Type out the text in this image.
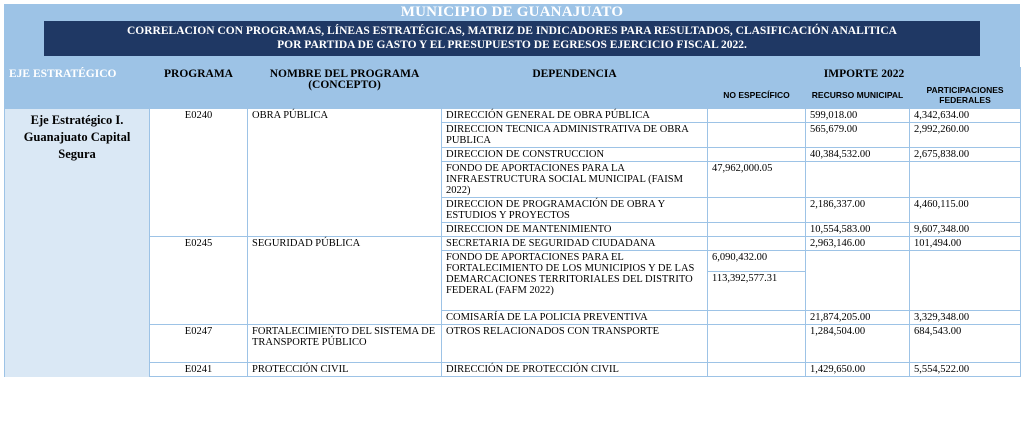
MUNICIPIO DE GUANAJUATO
CORRELACION CON PROGRAMAS, LÍNEAS ESTRATÉGICAS, MATRIZ DE INDICADORES PARA RESULTADOS, CLASIFICACIÓN ANALITICA
POR PARTIDA DE GASTO Y EL PRESUPUESTO DE EGRESOS EJERCICIO FISCAL 2022.
EJE ESTRATÉGICO	PROGRAMA	NOMBRE DEL PROGRAMA
(CONCEPTO)	DEPENDENCIA	IMPORTE 2022		
				NO ESPECÍFICO	RECURSO MUNICIPAL	PARTICIPACIONES FEDERALES

Eje Estratégico I.
Guanajuato Capital
Segura	E0240	OBRA PÚBLICA	DIRECCIÓN GENERAL DE OBRA PÚBLICA		599,018.00	4,342,634.00
			DIRECCION TECNICA ADMINISTRATIVA DE OBRA PUBLICA		565,679.00	2,992,260.00
			DIRECCION DE CONSTRUCCION		40,384,532.00	2,675,838.00
			FONDO DE APORTACIONES PARA LA INFRAESTRUCTURA SOCIAL MUNICIPAL (FAISM 2022)	47,962,000.05		
			DIRECCION DE PROGRAMACIÓN DE OBRA Y ESTUDIOS Y PROYECTOS		2,186,337.00	4,460,115.00
			DIRECCION DE MANTENIMIENTO		10,554,583.00	9,607,348.00
	E0245	SEGURIDAD PÚBLICA	SECRETARIA DE SEGURIDAD CIUDADANA		2,963,146.00	101,494.00
			FONDO DE APORTACIONES PARA EL FORTALECIMIENTO DE LOS MUNICIPIOS Y DE LAS DEMARCACIONES TERRITORIALES DEL DISTRITO FEDERAL (FAFM 2022)	6,090,432.00		
				113,392,577.31		
			COMISARÍA DE LA POLICIA PREVENTIVA		21,874,205.00	3,329,348.00
	E0247	FORTALECIMIENTO DEL SISTEMA DE TRANSPORTE PÚBLICO	OTROS RELACIONADOS CON TRANSPORTE		1,284,504.00	684,543.00
	E0241	PROTECCIÓN CIVIL	DIRECCIÓN DE PROTECCIÓN CIVIL		1,429,650.00	5,554,522.00
